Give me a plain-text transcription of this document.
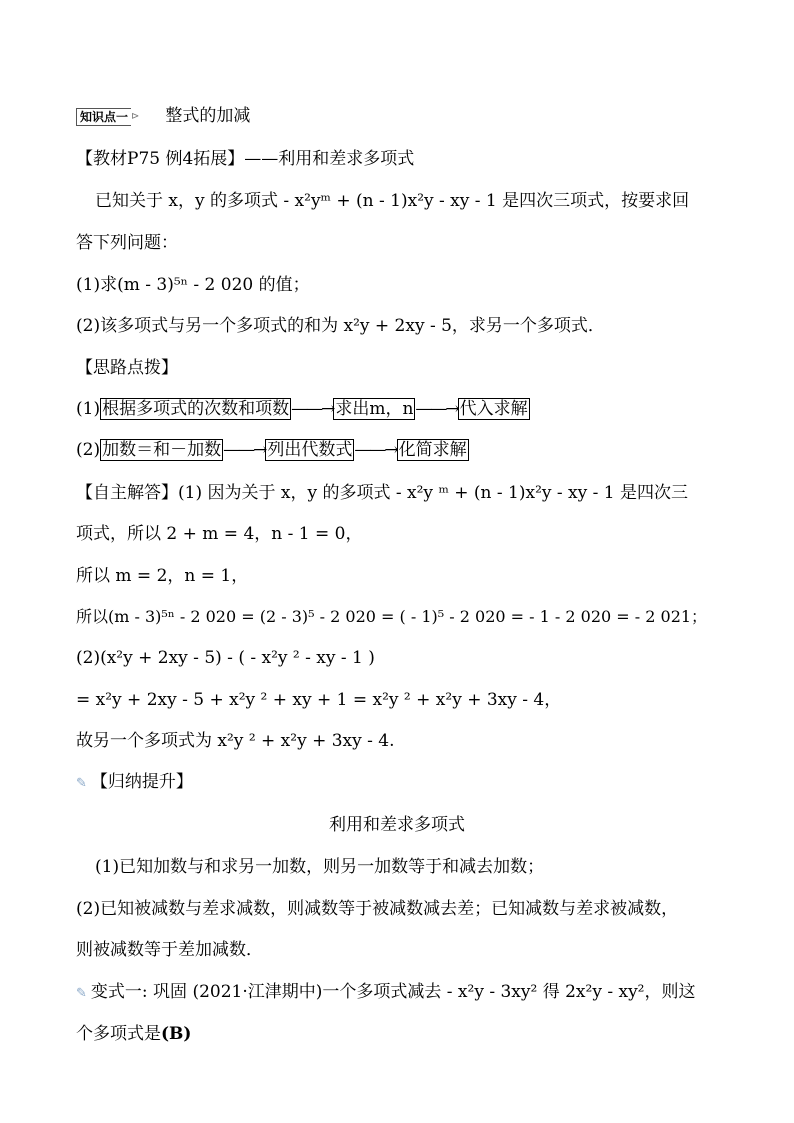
知识点一 ⊳ 整式的加减
【教材P75 例4拓展】——利用和差求多项式
已知关于 x，y 的多项式 - x²yᵐ + (n - 1)x²y - xy - 1 是四次三项式，按要求回
答下列问题：
(1)求(m - 3)⁵ⁿ - 2 020 的值；
(2)该多项式与另一个多项式的和为 x²y + 2xy - 5，求另一个多项式．
【思路点拨】
(1) 根据多项式的次数和项数 ——→ 求出m，n ——→ 代入求解
(2) 加数＝和－加数 ——→ 列出代数式 ——→ 化简求解
【自主解答】(1) 因为关于 x，y 的多项式 - x²y ᵐ + (n - 1)x²y - xy - 1 是四次三
项式，所以 2 + m = 4，n - 1 = 0，
所以 m = 2，n = 1，
所以(m - 3)⁵ⁿ - 2 020 = (2 - 3)⁵ - 2 020 = ( - 1)⁵ - 2 020 = - 1 - 2 020 = - 2 021；
(2)(x²y + 2xy - 5) - ( - x²y ² - xy - 1 )
= x²y + 2xy - 5 + x²y ² + xy + 1 = x²y ² + x²y + 3xy - 4，
故另一个多项式为 x²y ² + x²y + 3xy - 4.
✎ 【归纳提升】
利用和差求多项式
(1)已知加数与和求另一加数，则另一加数等于和减去加数；
(2)已知被减数与差求减数，则减数等于被减数减去差；已知减数与差求被减数，
则被减数等于差加减数．
✎ 变式一: 巩固 (2021·江津期中)一个多项式减去 - x²y - 3xy² 得 2x²y - xy²，则这
个多项式是(B)
